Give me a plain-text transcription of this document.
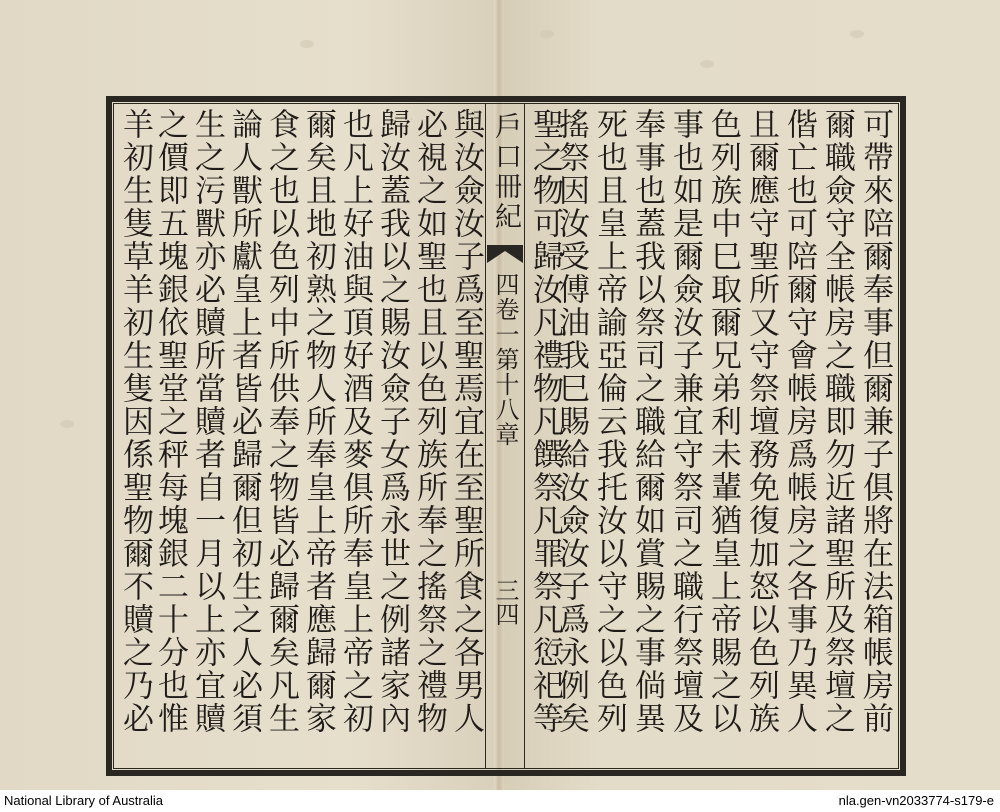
戶口冊紀
四卷一第十八章
三四
可帶來陪爾奉事但爾兼子俱將在法箱帳房前
爾職僉守全帳房之職即勿近諸聖所及祭壇之
偕亡也可陪爾守會帳房爲帳房之各事乃異人
且爾應守聖所又守祭壇務免復加怒以色列族
色列族中巳取爾兄弟利未輩猶皇上帝賜之以
事也如是爾僉汝子兼宜守祭司之職行祭壇及
奉事也蓋我以祭司之職給爾如賞賜之事倘異
死也且皇上帝諭亞倫云我托汝以守之以色列
搖祭因汝受傅油我巳賜給汝僉汝子爲永例矣
聖之物可歸汝凡禮物凡饌祭凡罪祭凡愆祀等
與汝僉汝子爲至聖焉宜在至聖所食之各男人
必視之如聖也且以色列族所奉之搖祭之禮物
歸汝蓋我以之賜汝僉子女爲永世之例諸家內
也凡上好油與頂好酒及麥俱所奉皇上帝之初
爾矣且地初熟之物人所奉皇上帝者應歸爾家
食之也以色列中所供奉之物皆必歸爾矣凡生
論人獸所獻皇上者皆必歸爾但初生之人必須
生之污獸亦必贖所當贖者自一月以上亦宜贖
之價即五塊銀依聖堂之秤每塊銀二十分也惟
羊初生隻草羊初生隻因係聖物爾不贖之乃必
National Library of Australia	nla.gen-vn2033774-s179-e
